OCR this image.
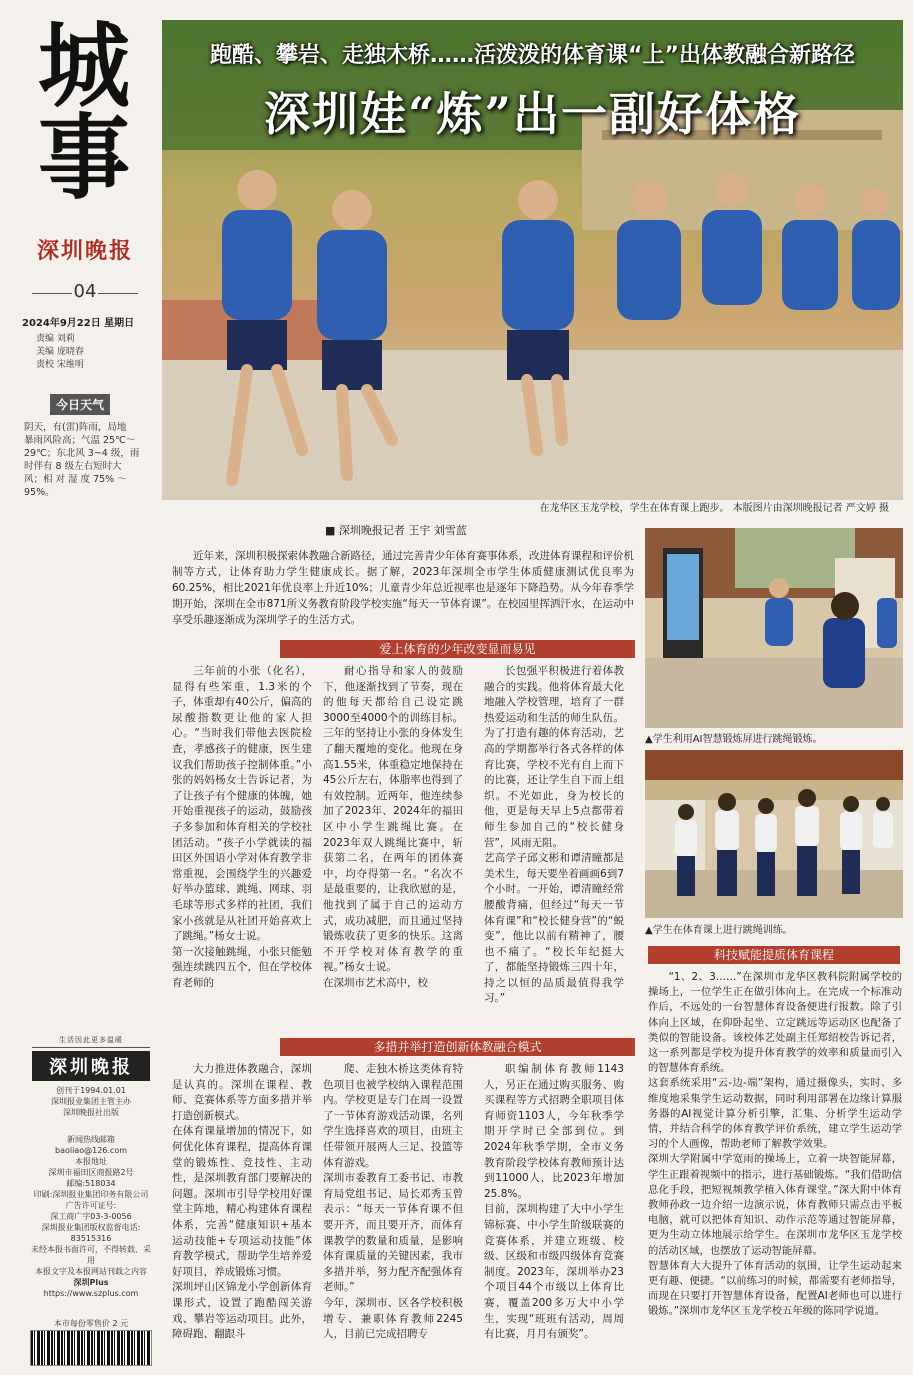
城事
深圳晚报
04
2024年9月22日 星期日
责编 刘莉
美编 庞晓春
责校 宋维明
今日天气
阴天，有(雷)阵雨，局地
暴雨风险高；气温 25℃～
29℃；东北风 3~4 级，雨
时伴有 8 级左右短时大
风；相 对 湿 度 75% ～
95%。
生活因此更多温暖
深圳晚报
创刊于1994.01.01
深圳报业集团主管主办
深圳晚报社出版
新闻热线邮箱
baoliao@126.com
本报地址
深圳市福田区商报路2号
邮编:518034
印刷:深圳报业集团印务有限公司
广告许可证号:
深工商广字03-3-0056
深圳报业集团版权监督电话:
83515316
未经本报书面许可，不得转载、采用
本报文字及本报网站刊载之内容
深圳Plus
https://www.szplus.com
本市每份零售价 2 元
跑酷、攀岩、走独木桥……活泼泼的体育课“上”出体教融合新路径
深圳娃“炼”出一副好体格
在龙华区玉龙学校，学生在体育课上跑步。 本版图片由深圳晚报记者 严文婷 摄
■ 深圳晚报记者 王宇 刘雪蓝
近年来，深圳积极探索体教融合新路径，通过完善青少年体育赛事体系，改进体育课程和评价机制等方式，让体育助力学生健康成长。据了解，2023年深圳全市学生体质健康测试优良率为60.25%，相比2021年优良率上升近10%；儿童青少年总近视率也是逐年下降趋势。从今年春季学期开始，深圳在全市871所义务教育阶段学校实施“每天一节体育课”。在校园里挥洒汗水，在运动中享受乐趣逐渐成为深圳学子的生活方式。
爱上体育的少年改变显而易见

三年前的小张（化名），显得有些笨重，1.3米的个子，体重却有40公斤，偏高的尿酸指数更让他的家人担心。“当时我们带他去医院检查，孝感孩子的健康，医生建议我们帮助孩子控制体重。”小张的妈妈杨女士告诉记者，为了让孩子有个健康的体魄，她开始重视孩子的运动，鼓励孩子多参加和体育相关的学校社团活动。“孩子小学就读的福田区外国语小学对体育教学非常重视，会围绕学生的兴趣爱好举办篮球、跳绳、网球、羽毛球等形式多样的社团，我们家小孩就是从社团开始喜欢上了跳绳。”杨女士说。
第一次接触跳绳，小张只能勉强连续跳四五个，但在学校体育老师的

耐心指导和家人的鼓励下，他逐渐找到了节奏，现在的他每天都给自己设定跳3000至4000个的训练目标。三年的坚持让小张的身体发生了翻天覆地的变化。他现在身高1.55米，体重稳定地保持在45公斤左右，体脂率也得到了有效控制。近两年，他连续参加了2023年、2024年的福田区中小学生跳绳比赛。在2023年双人跳绳比赛中，斩获第二名，在两年的团体赛中，均夺得第一名。“名次不是最重要的，让我欣慰的是，他找到了属于自己的运动方式，成功减肥，而且通过坚持锻炼收获了更多的快乐。这离不开学校对体育教学的重视。”杨女士说。
在深圳市艺术高中，校

长包强平积极进行着体教融合的实践。他将体育最大化地融入学校管理，培育了一群热爱运动和生活的师生队伍。为了打造有趣的体育活动，艺高的学期都举行各式各样的体育比赛，学校不光有自上而下的比赛，还让学生自下而上组织。不光如此，身为校长的他，更是每天早上5点都带着师生参加自己的“校长健身营”，风雨无阻。
艺高学子邱文彬和谭清瞳都是美术生，每天要坐着画画6到7个小时。一开始，谭清瞳经常腰酸背痛，但经过“每天一节体育课”和“校长健身营”的“蜕变”，他比以前有精神了，腰也不痛了。“校长年纪挺大了，都能坚持锻炼三四十年，持之以恒的品质最值得我学习。”

多措并举打造创新体教融合模式

大力推进体教融合，深圳是认真的。深圳在课程、教师、竞赛体系等方面多措并举打造创新模式。
在体育课量增加的情况下，如何优化体育课程，提高体育课堂的锻炼性、竞技性、主动性，是深圳教育部门要解决的问题。深圳市引导学校用好课堂主阵地，精心构建体育课程体系，完善“健康知识+基本运动技能+专项运动技能”体育教学模式，帮助学生培养爱好项目，养成锻炼习惯。
深圳坪山区锦龙小学创新体育课形式，设置了跑酷闯关游戏、攀岩等运动项目。此外，障碍跑、翻跟斗

爬、走独木桥这类体育特色项目也被学校纳入课程范围内。学校更是专门在周一设置了一节体育游戏活动课，名列学生选择喜欢的项目，由班主任带领开展两人三足、投篮等体育游戏。
深圳市委教育工委书记、市教育局党组书记、局长邓秀玉曾表示：“每天一节体育课不但要开齐，而且要开齐，而体育课教学的数量和质量，是影响体育课质量的关键因素，我市多措并举，努力配齐配强体育老师。”
今年，深圳市、区各学校积极增专、兼职体育教师2245人，目前已完成招聘专

职编制体育教师1143人，另正在通过购买服务、购买课程等方式招聘全职项目体育师资1103人，今年秋季学期开学时已全部到位。到2024年秋季学期，全市义务教育阶段学校体育教师预计达到11000人，比2023年增加25.8%。
目前，深圳构建了大中小学生锦标赛、中小学生阶级联赛的竞赛体系，并建立班级、校级、区级和市级四级体育竞赛制度。2023年，深圳举办23个项目44个市级以上体育比赛，覆盖200多万大中小学生，实现“班班有活动，周周有比赛，月月有颁奖”。

▲学生利用AI智慧锻炼屏进行跳绳锻炼。
▲学生在体育课上进行跳绳训练。
科技赋能提质体育课程

“1、2、3……”在深圳市龙华区教科院附属学校的操场上，一位学生正在做引体向上。在完成一个标准动作后，不远处的一台智慧体育设备便进行报数。除了引体向上区域，在仰卧起坐、立定跳远等运动区也配备了类似的智能设备。该校体艺处副主任郑绍校告诉记者，这一系列都是学校为提升体育教学的效率和质量而引入的智慧体育系统。
这套系统采用“云-边-端”架构，通过摄像头，实时、多维度地采集学生运动数据，同时利用部署在边缘计算服务器的AI视觉计算分析引擎，汇集、分析学生运动学情，并结合科学的体育教学评价系统，建立学生运动学习的个人画像，帮助老师了解教学效果。
深圳大学附属中学宽雨的操场上，立着一块智能屏幕，学生正跟着视频中的指示，进行基础锻炼。“我们借助信息化手段，把短视频教学植入体育课堂。”深大附中体育教师孙政一边介绍一边演示说，体育教师只需点击平板电脑，就可以把体育知识、动作示范等通过智能屏幕，更为生动立体地展示给学生。在深圳市龙华区玉龙学校的活动区域，也摆放了运动智能屏幕。
智慧体育大大提升了体育活动的氛围，让学生运动起来更有趣、便捷。“以前练习的时候，都需要有老师指导，而现在只要打开智慧体育设备，配置AI老师也可以进行锻炼。”深圳市龙华区玉龙学校五年级的陈同学说道。
